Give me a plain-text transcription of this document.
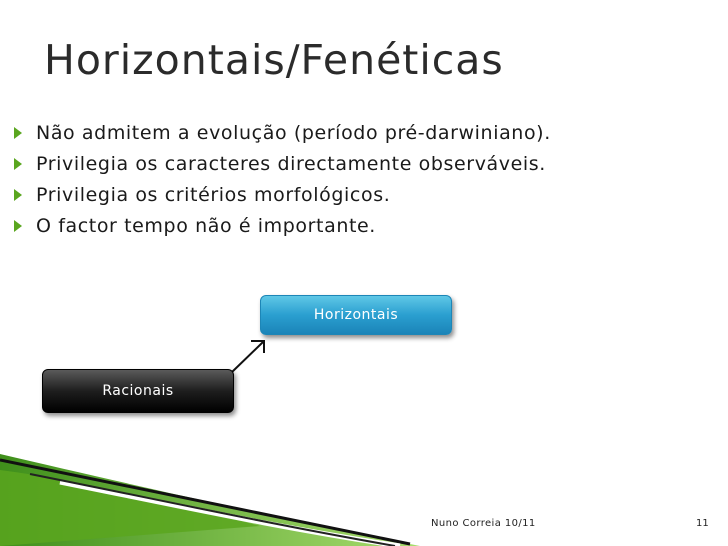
Horizontais/Fenéticas
Não admitem a evolução (período pré-darwiniano).
Privilegia os caracteres directamente observáveis.
Privilegia os critérios morfológicos.
O factor tempo não é importante.
Horizontais
Racionais
Nuno Correia 10/11	11
